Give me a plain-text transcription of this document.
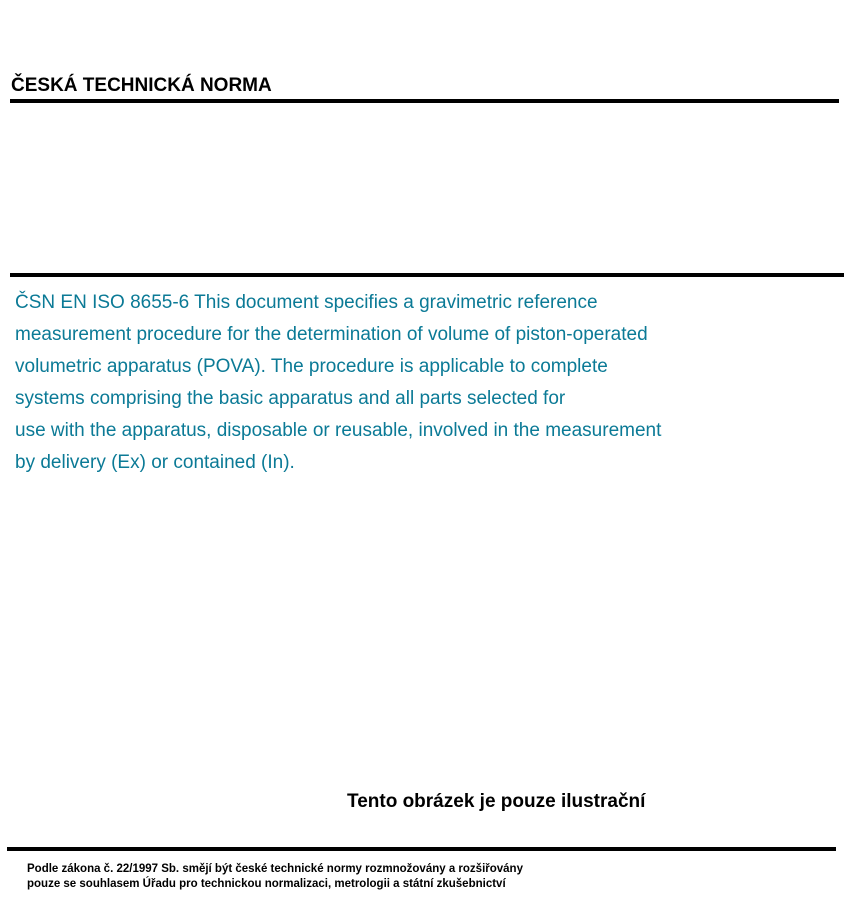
ČESKÁ TECHNICKÁ NORMA

ČSN EN ISO 8655-6 This document specifies a gravimetric reference
measurement procedure for the determination of volume of piston-operated
volumetric apparatus (POVA). The procedure is applicable to complete
systems comprising the basic apparatus and all parts selected for
use with the apparatus, disposable or reusable, involved in the measurement
by delivery (Ex) or contained (In).

Tento obrázek je pouze ilustrační
Podle zákona č. 22/1997 Sb. smějí být české technické normy rozmnožovány a rozšiřovány
pouze se souhlasem Úřadu pro technickou normalizaci, metrologii a státní zkušebnictví
